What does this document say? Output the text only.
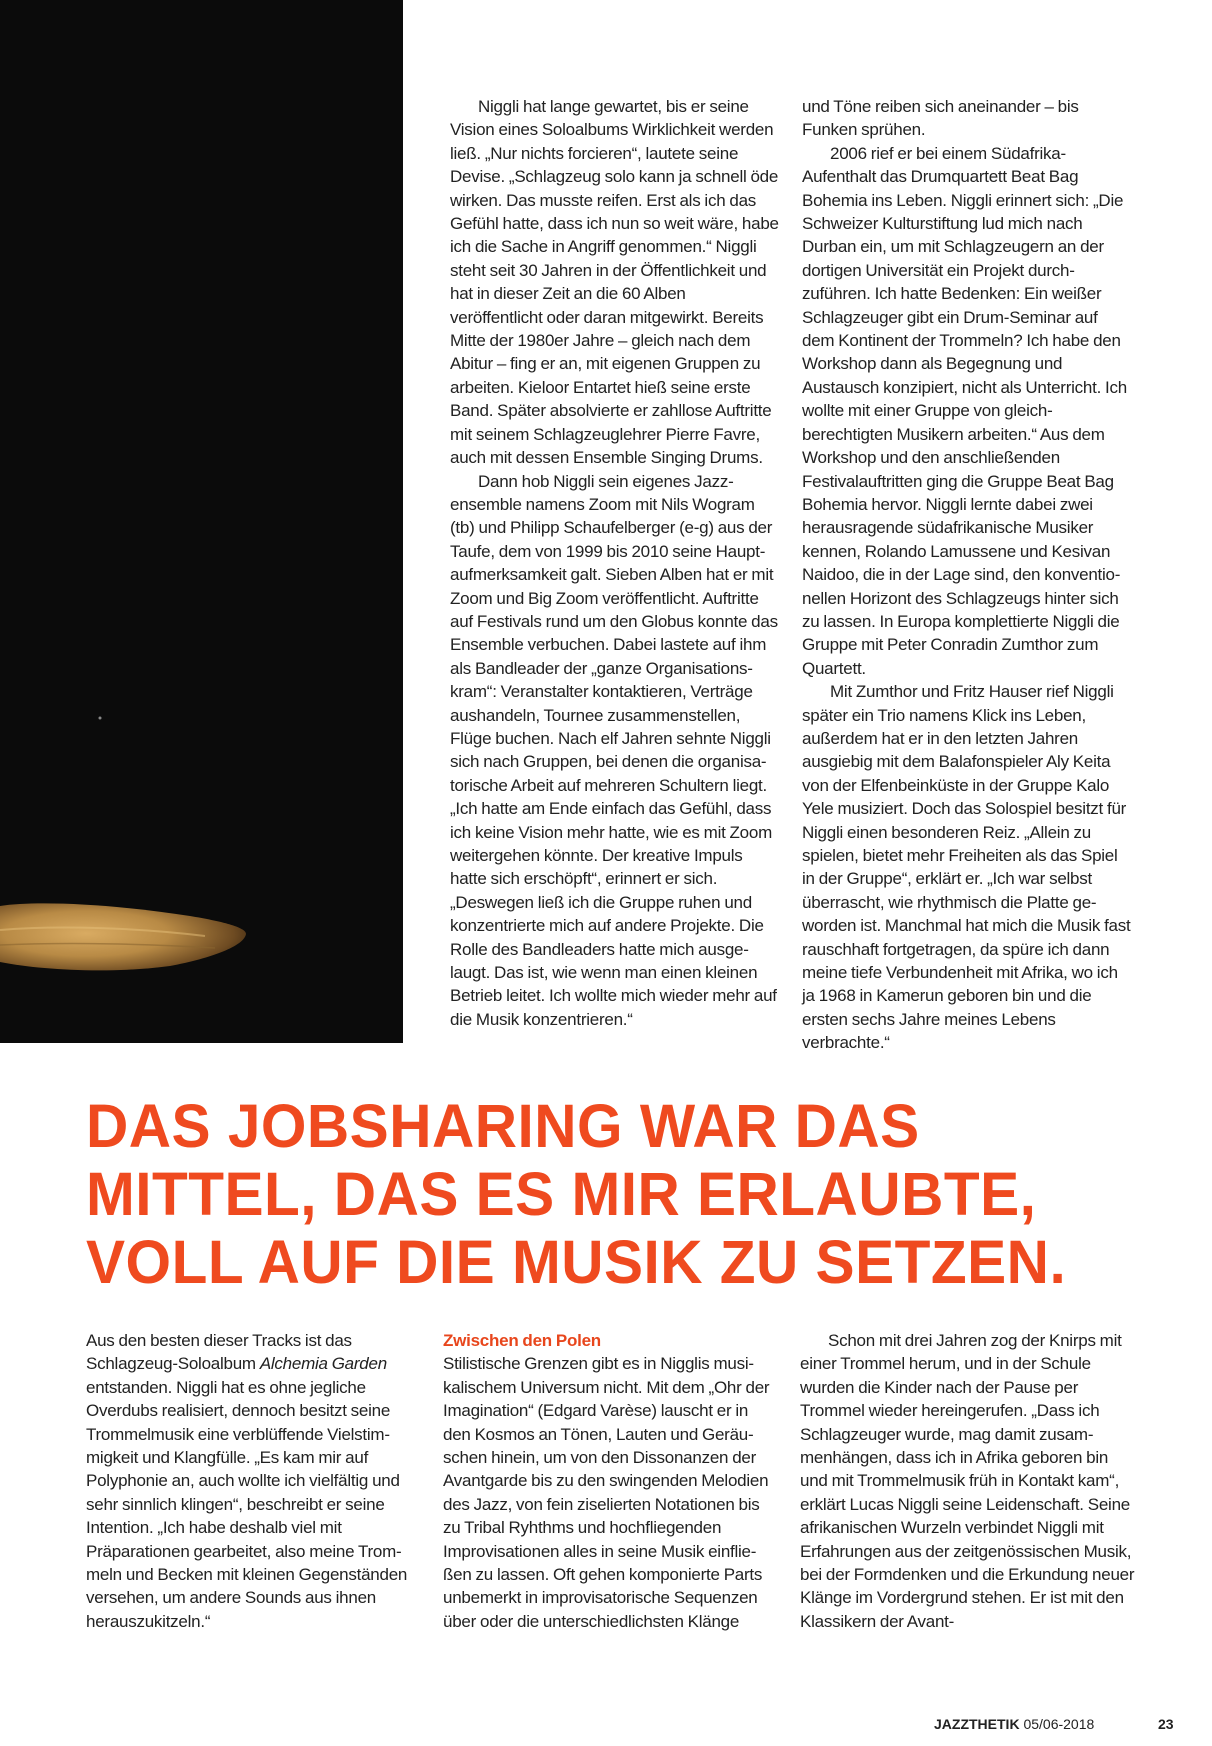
Niggli hat lange gewartet, bis er seine Vision eines Soloalbums Wirklichkeit werden ließ. „Nur nichts forcieren“, lautete seine Devise. „Schlagzeug solo kann ja schnell öde wirken. Das musste reifen. Erst als ich das Gefühl hatte, dass ich nun so weit wäre, habe ich die Sache in Angriff genommen.“ Niggli steht seit 30 Jahren in der Öffentlichkeit und hat in dieser Zeit an die 60 Alben veröffentlicht oder daran mitgewirkt. Bereits Mitte der 1980er Jahre – gleich nach dem Abitur – fing er an, mit eigenen Gruppen zu arbeiten. Kieloor Entartet hieß seine erste Band. Später absolvierte er zahllose Auftritte mit seinem Schlagzeuglehrer Pierre Favre, auch mit dessen Ensemble Singing Drums.

Dann hob Niggli sein eigenes Jazzensemble namens Zoom mit Nils Wogram (tb) und Philipp Schaufelberger (e-g) aus der Taufe, dem von 1999 bis 2010 seine Hauptaufmerksamkeit galt. Sieben Alben hat er mit Zoom und Big Zoom veröffentlicht. Auftritte auf Festivals rund um den Globus konnte das Ensemble verbuchen. Dabei lastete auf ihm als Bandleader der „ganze Organisationskram“: Veranstalter kontaktieren, Verträge aushandeln, Tournee zusammenstellen, Flüge buchen. Nach elf Jahren sehnte Niggli sich nach Gruppen, bei denen die organisatorische Arbeit auf mehreren Schultern liegt. „Ich hatte am Ende einfach das Gefühl, dass ich keine Vision mehr hatte, wie es mit Zoom weitergehen könnte. Der kreative Impuls hatte sich erschöpft“, erinnert er sich. „Deswegen ließ ich die Gruppe ruhen und konzentrierte mich auf andere Projekte. Die Rolle des Bandleaders hatte mich ausgelaugt. Das ist, wie wenn man einen kleinen Betrieb leitet. Ich wollte mich wieder mehr auf die Musik konzentrieren.“

und Töne reiben sich aneinander – bis Funken sprühen.

2006 rief er bei einem Südafrika-Aufenthalt das Drumquartett Beat Bag Bohemia ins Leben. Niggli erinnert sich: „Die Schweizer Kulturstiftung lud mich nach Durban ein, um mit Schlagzeugern an der dortigen Universität ein Projekt durchzuführen. Ich hatte Bedenken: Ein weißer Schlagzeuger gibt ein Drum-Seminar auf dem Kontinent der Trommeln? Ich habe den Workshop dann als Begegnung und Austausch konzipiert, nicht als Unterricht. Ich wollte mit einer Gruppe von gleichberechtigten Musikern arbeiten.“ Aus dem Workshop und den anschließenden Festivalauftritten ging die Gruppe Beat Bag Bohemia hervor. Niggli lernte dabei zwei herausragende südafrikanische Musiker kennen, Rolando Lamussene und Kesivan Naidoo, die in der Lage sind, den konventionellen Horizont des Schlagzeugs hinter sich zu lassen. In Europa komplettierte Niggli die Gruppe mit Peter Conradin Zumthor zum Quartett.

Mit Zumthor und Fritz Hauser rief Niggli später ein Trio namens Klick ins Leben, außerdem hat er in den letzten Jahren ausgiebig mit dem Balafonspieler Aly Keita von der Elfenbeinküste in der Gruppe Kalo Yele musiziert. Doch das Solospiel besitzt für Niggli einen besonderen Reiz. „Allein zu spielen, bietet mehr Freiheiten als das Spiel in der Gruppe“, erklärt er. „Ich war selbst überrascht, wie rhythmisch die Platte geworden ist. Manchmal hat mich die Musik fast rauschhaft fortgetragen, da spüre ich dann meine tiefe Verbundenheit mit Afrika, wo ich ja 1968 in Kamerun geboren bin und die ersten sechs Jahre meines Lebens verbrachte.“

DAS JOBSHARING WAR DAS
MITTEL, DAS ES MIR ERLAUBTE,
VOLL AUF DIE MUSIK ZU SETZEN.

Aus den besten dieser Tracks ist das Schlagzeug-Soloalbum Alchemia Garden entstanden. Niggli hat es ohne jegliche Overdubs realisiert, dennoch besitzt seine Trommelmusik eine verblüffende Vielstimmigkeit und Klangfülle. „Es kam mir auf Polyphonie an, auch wollte ich vielfältig und sehr sinnlich klingen“, beschreibt er seine Intention. „Ich habe deshalb viel mit Präparationen gearbeitet, also meine Trommeln und Becken mit kleinen Gegenständen versehen, um andere Sounds aus ihnen herauszukitzeln.“

Zwischen den Polen

Stilistische Grenzen gibt es in Nigglis musikalischem Universum nicht. Mit dem „Ohr der Imagination“ (Edgard Varèse) lauscht er in den Kosmos an Tönen, Lauten und Geräuschen hinein, um von den Dissonanzen der Avantgarde bis zu den swingenden Melodien des Jazz, von fein ziselierten Notationen bis zu Tribal Ryhthms und hochfliegenden Improvisationen alles in seine Musik einfließen zu lassen. Oft gehen komponierte Parts unbemerkt in improvisatorische Sequenzen über oder die unterschiedlichsten Klänge

Schon mit drei Jahren zog der Knirps mit einer Trommel herum, und in der Schule wurden die Kinder nach der Pause per Trommel wieder hereingerufen. „Dass ich Schlagzeuger wurde, mag damit zusammenhängen, dass ich in Afrika geboren bin und mit Trommelmusik früh in Kontakt kam“, erklärt Lucas Niggli seine Leidenschaft. Seine afrikanischen Wurzeln verbindet Niggli mit Erfahrungen aus der zeitgenössischen Musik, bei der Formdenken und die Erkundung neuer Klänge im Vordergrund stehen. Er ist mit den Klassikern der Avant-

JAZZTHETIK 05/06-2018	23
